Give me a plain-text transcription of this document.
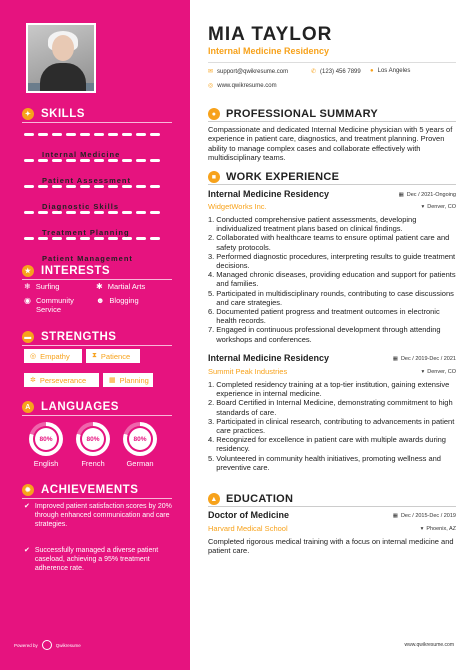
✦ SKILLS
Internal Medicine
Patient Assessment
Diagnostic Skills
Treatment Planning
Patient Management
★ INTERESTS
❄ Surfing	✱ Martial Arts
◉ Community Service
☻ Blogging
▬ STRENGTHS
◎ Empathy	⧗ Patience
✲ Perseverance	▦ Planning
A LANGUAGES
80%
English
80%
French
80%
German
✹ ACHIEVEMENTS
✔ Improved patient satisfaction scores by 20% through enhanced communication and care strategies.
✔ Successfully managed a diverse patient caseload, achieving a 95% treatment adherence rate.
Powered by	Qwikresume
MIA TAYLOR
Internal Medicine Residency
✉ support@qwikresume.com	✆ (123) 456 7899 ● Los Angeles
◎ www.qwikresume.com
● PROFESSIONAL SUMMARY
Compassionate and dedicated Internal Medicine physician with 5 years of experience in patient care, diagnostics, and treatment planning. Proven ability to manage complex cases and collaborate effectively with multidisciplinary teams.
■ WORK EXPERIENCE
Internal Medicine Residency	▦ Dec / 2021-Ongoing
WidgetWorks Inc.	▾ Denver, CO
1. Conducted comprehensive patient assessments, developing individualized treatment plans based on clinical findings.
2. Collaborated with healthcare teams to ensure optimal patient care and safety protocols.
3. Performed diagnostic procedures, interpreting results to guide treatment decisions.
4. Managed chronic diseases, providing education and support for patients and families.
5. Participated in multidisciplinary rounds, contributing to case discussions and care strategies.
6. Documented patient progress and treatment outcomes in electronic health records.
7. Engaged in continuous professional development through attending workshops and conferences.
Internal Medicine Residency	▦ Dec / 2019-Dec / 2021
Summit Peak Industries	▾ Denver, CO
1. Completed residency training at a top-tier institution, gaining extensive experience in internal medicine.
2. Board Certified in Internal Medicine, demonstrating commitment to high standards of care.
3. Participated in clinical research, contributing to advancements in patient care practices.
4. Recognized for excellence in patient care with multiple awards during residency.
5. Volunteered in community health initiatives, promoting wellness and preventive care.
▲ EDUCATION
Doctor of Medicine	▦ Dec / 2015-Dec / 2019
Harvard Medical School	▾ Phoenix, AZ
Completed rigorous medical training with a focus on internal medicine and patient care.
www.qwikresume.com
